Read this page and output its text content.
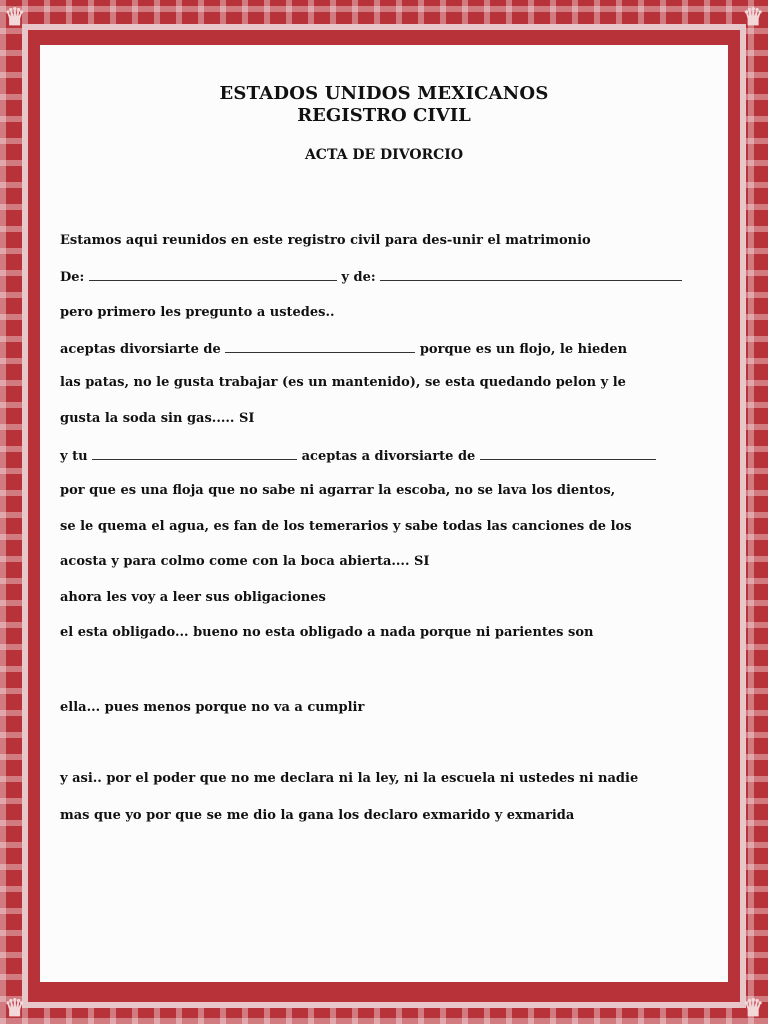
♛	♛
♛	♛
ESTADOS UNIDOS MEXICANOS
REGISTRO CIVIL
ACTA DE DIVORCIO
Estamos aqui reunidos en este registro civil para des-unir el matrimonio
De:	y de:
pero primero les pregunto a ustedes..
aceptas divorsiarte de	porque es un flojo, le hieden
las patas, no le gusta trabajar (es un mantenido), se esta quedando pelon y le
gusta la soda sin gas..... SI
y tu	aceptas a divorsiarte de
por que es una floja que no sabe ni agarrar la escoba, no se lava los dientos,
se le quema el agua, es fan de los temerarios y sabe todas las canciones de los
acosta y para colmo come con la boca abierta.... SI
ahora les voy a leer sus obligaciones
el esta obligado... bueno no esta obligado a nada porque ni parientes son
ella... pues menos porque no va a cumplir
y asi.. por el poder que no me declara ni la ley, ni la escuela ni ustedes ni nadie
mas que yo por que se me dio la gana los declaro exmarido y exmarida
